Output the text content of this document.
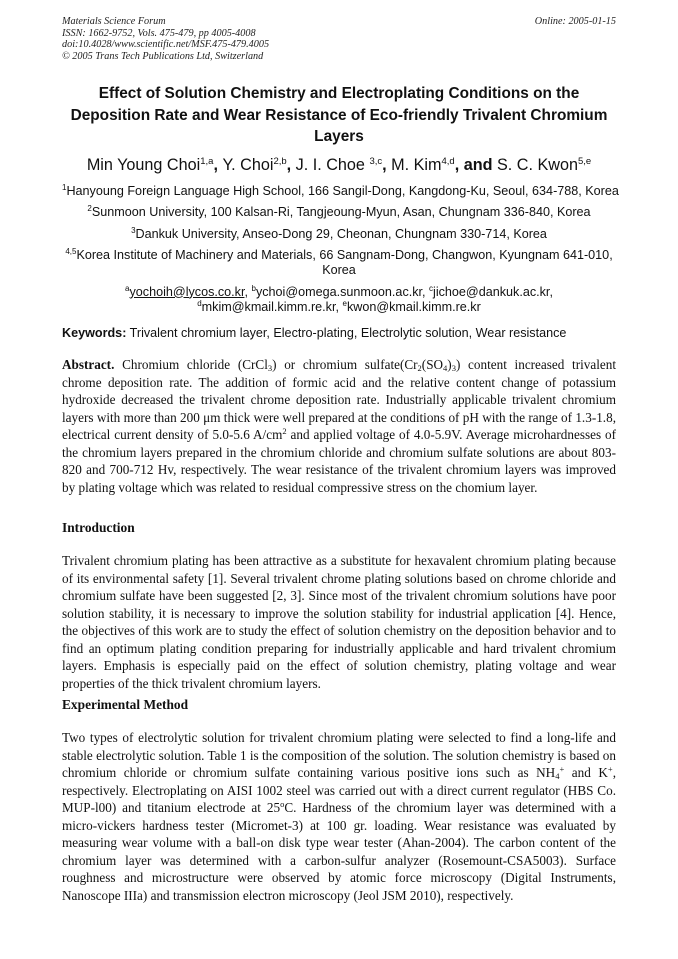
Materials Science Forum
ISSN: 1662-9752, Vols. 475-479, pp 4005-4008
doi:10.4028/www.scientific.net/MSF.475-479.4005
© 2005 Trans Tech Publications Ltd, Switzerland
Online: 2005-01-15
Effect of Solution Chemistry and Electroplating Conditions on the Deposition Rate and Wear Resistance of Eco-friendly Trivalent Chromium Layers
Min Young Choi$^{1,a}$, Y. Choi$^{2,b}$, J. I. Choe $^{3,c}$, M. Kim$^{4,d}$, and S. C. Kwon$^{5,e}$
$^1$Hanyoung Foreign Language High School, 166 Sangil-Dong, Kangdong-Ku, Seoul, 634-788, Korea
$^2$Sunmoon University, 100 Kalsan-Ri, Tangjeoung-Myun, Asan, Chungnam 336-840, Korea
$^3$Dankuk University, Anseo-Dong 29, Cheonan, Chungnam 330-714, Korea
$^{4,5}$Korea Institute of Machinery and Materials, 66 Sangnam-Dong, Changwon, Kyungnam 641-010, Korea
$^a$yochoih@lycos.co.kr, $^b$ychoi@omega.sunmoon.ac.kr, $^c$jichoe@dankuk.ac.kr,
$^d$mkim@kmail.kimm.re.kr, $^e$kwon@kmail.kimm.re.kr
Keywords: Trivalent chromium layer, Electro-plating, Electrolytic solution, Wear resistance
Abstract. Chromium chloride (CrCl$_3$) or chromium $sulfate(Cr_2(SO_4)_3)$ content increased trivalent chrome deposition rate. The addition of formic acid and the relative content change of potassium hydroxide decreased the trivalent chrome deposition rate. Industrially applicable trivalent chromium layers with more than 200 μm thick were well prepared at the conditions of pH with the range of 1.3-1.8, electrical current density of 5.0-5.6 $A/cm^2$ and applied voltage of 4.0-5.9V. Average microhardnesses of the chromium layers prepared in the chromium chloride and chromium sulfate solutions are about 803-820 and 700-712 Hv, respectively. The wear resistance of the trivalent chromium layers was improved by plating voltage which was related to residual compressive stress on the chomium layer.
Introduction
Trivalent chromium plating has been attractive as a substitute for hexavalent chromium plating because of its environmental safety [1]. Several trivalent chrome plating solutions based on chrome chloride and chromium sulfate have been suggested [2, 3]. Since most of the trivalent chromium solutions have poor solution stability, it is necessary to improve the solution stability for industrial application [4]. Hence, the objectives of this work are to study the effect of solution chemistry on the deposition behavior and to find an optimum plating condition preparing for industrially applicable and hard trivalent chromium layers. Emphasis is especially paid on the effect of solution chemistry, plating voltage and wear properties of the thick trivalent chromium layers.
Experimental Method
Two types of electrolytic solution for trivalent chromium plating were selected to find a long-life and stable electrolytic solution. Table 1 is the composition of the solution. The solution chemistry is based on chromium chloride or chromium sulfate containing various positive ions such as $NH_4^+$ and K+, respectively. Electroplating on AISI 1002 steel was carried out with a direct current regulator (HBS Co. MUP-l00) and titanium electrode at 25$^o$C. Hardness of the chromium layer was determined with a micro-vickers hardness tester (Micromet-3) at 100 gr. loading. Wear resistance was evaluated by measuring wear volume with a ball-on disk type wear tester (Ahan-2004). The carbon content of the chromium layer was determined with a carbon-sulfur analyzer (Rosemount-CSA5003). Surface roughness and microstructure were observed by atomic force microscopy (Digital Instruments, Nanoscope IIIa) and transmission electron microscopy (Jeol JSM 2010), respectively.
